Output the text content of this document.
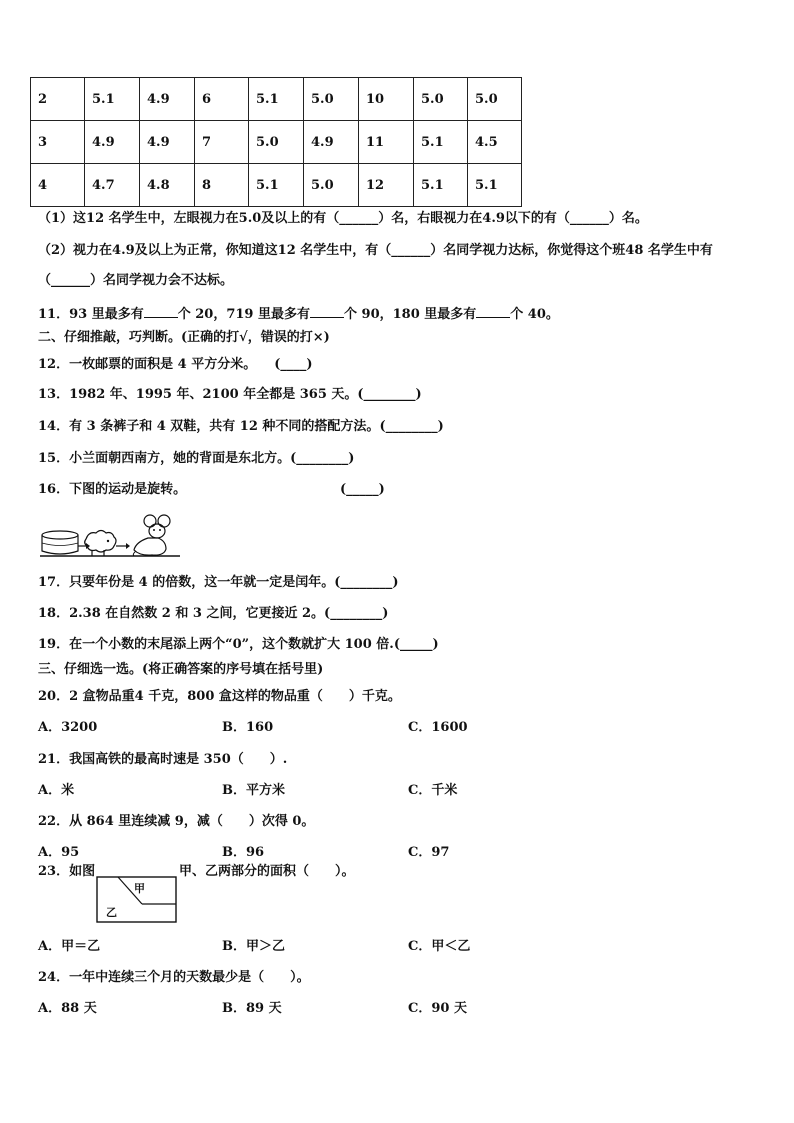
2	5.1	4.9	6	5.1	5.0	10	5.0	5.0
3	4.9	4.9	7	5.0	4.9	11	5.1	4.5
4	4.7	4.8	8	5.1	5.0	12	5.1	5.1
（1）这12 名学生中，左眼视力在5.0及以上的有（______）名，右眼视力在4.9以下的有（______）名。
（2）视力在4.9及以上为正常，你知道这12 名学生中，有（______）名同学视力达标，你觉得这个班48 名学生中有
（______）名同学视力会不达标。
11．93 里最多有	个 20，719 里最多有	个 90，180 里最多有	个 40。
二、仔细推敲，巧判断。(正确的打√，错误的打×)
12．一枚邮票的面积是 4 平方分米。 (____)
13．1982 年、1995 年、2100 年全都是 365 天。(________)
14．有 3 条裤子和 4 双鞋，共有 12 种不同的搭配方法。(________)
15．小兰面朝西南方，她的背面是东北方。(________)
16．下图的运动是旋转。	(_____)
17．只要年份是 4 的倍数，这一年就一定是闰年。(________)
18．2.38 在自然数 2 和 3 之间，它更接近 2。(________)
19．在一个小数的末尾添上两个“0”，这个数就扩大 100 倍.(_____)
三、仔细选一选。(将正确答案的序号填在括号里)
20．2 盒物品重4 千克，800 盒这样的物品重（　　）千克。
A．3200	B．160	C．1600
21．我国高铁的最高时速是 350（　　）.
A．米	B．平方米	C．千米
22．从 864 里连续减 9，减（　　）次得 0。
A．95	B．96	C．97
23．如图
甲
乙
甲、乙两部分的面积（　　）。
A．甲＝乙	B．甲＞乙	C．甲＜乙
24．一年中连续三个月的天数最少是（　　）。
A．88 天	B．89 天	C．90 天
